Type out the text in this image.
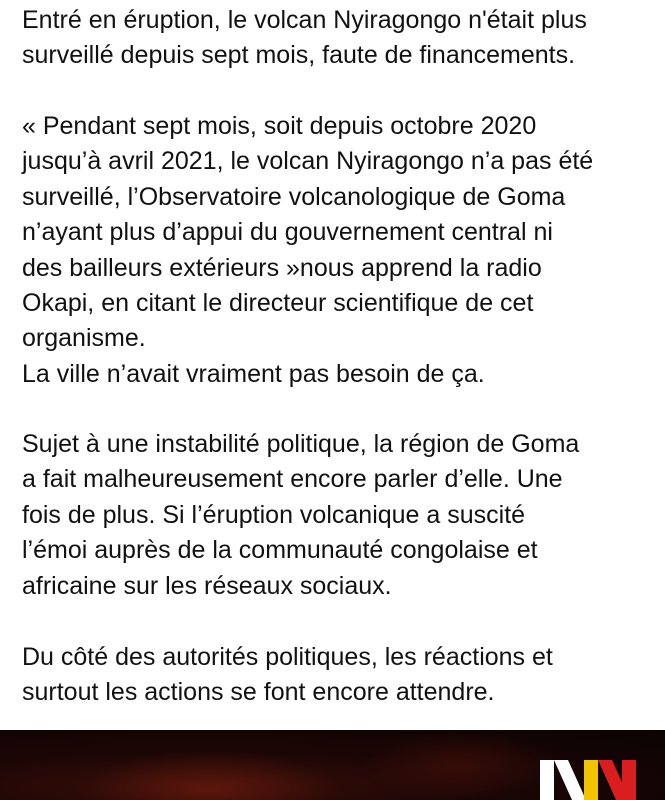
Entré en éruption, le volcan Nyiragongo n'était plus
surveillé depuis sept mois, faute de financements.

« Pendant sept mois, soit depuis octobre 2020
jusqu’à avril 2021, le volcan Nyiragongo n’a pas été
surveillé, l’Observatoire volcanologique de Goma
n’ayant plus d’appui du gouvernement central ni
des bailleurs extérieurs »nous apprend la radio
Okapi, en citant le directeur scientifique de cet
organisme.
La ville n’avait vraiment pas besoin de ça.

Sujet à une instabilité politique, la région de Goma
a fait malheureusement encore parler d’elle. Une
fois de plus. Si l’éruption volcanique a suscité
l’émoi auprès de la communauté congolaise et
africaine sur les réseaux sociaux.

Du côté des autorités politiques, les réactions et
surtout les actions se font encore attendre.
